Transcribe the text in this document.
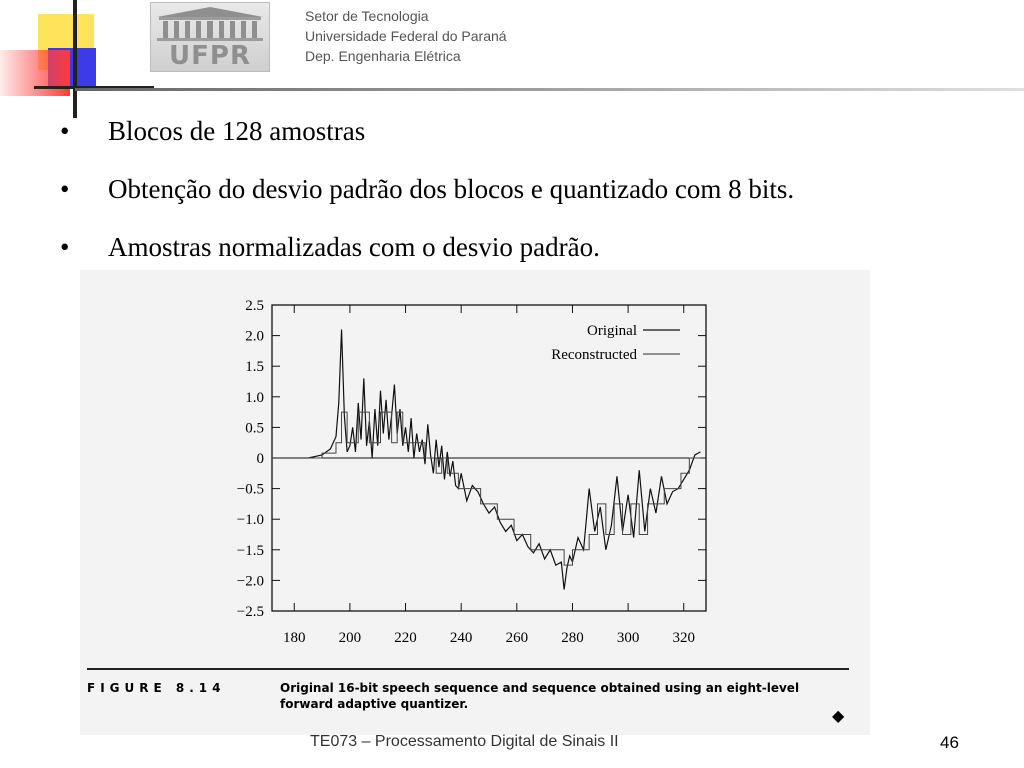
UFPR
Setor de Tecnologia
Universidade Federal do Paraná
Dep. Engenharia Elétrica
• Blocos de 128 amostras
• Obtenção do desvio padrão dos blocos e quantizado com 8 bits.
• Amostras normalizadas com o desvio padrão.
2.5
2.0
1.5
1.0
0.5
0
−0.5
−1.0
−1.5
−2.0
−2.5
180 200 220 240 260 280 300 320
Original
Reconstructed
FIGURE 8.14	Original 16-bit speech sequence and sequence obtained using an eight-level forward adaptive quantizer.
◆
TE073 – Processamento Digital de Sinais II	46
